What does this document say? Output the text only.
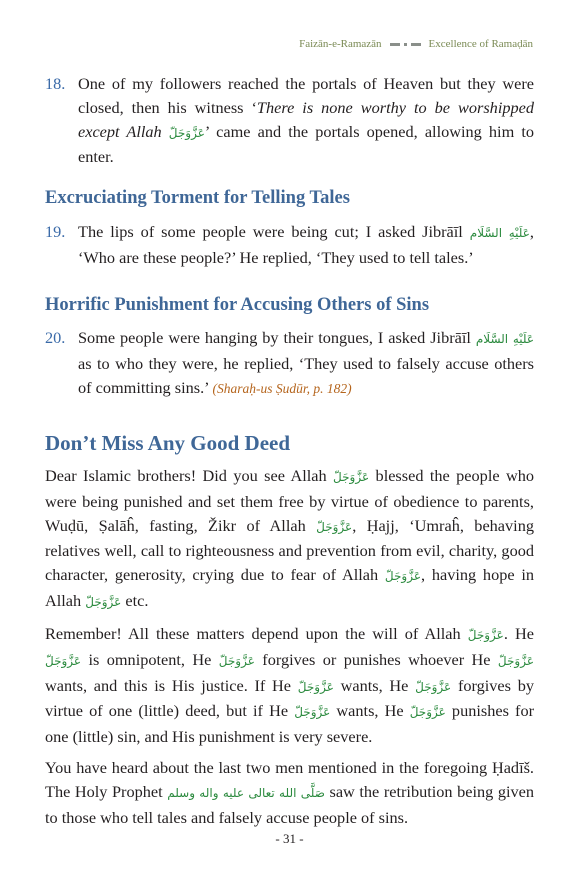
Faizān-e-Ramazān	Excellence of Ramaḍān
18. One of my followers reached the portals of Heaven but they were closed, then his witness ‘There is none worthy to be worshipped except Allah عَزَّوَجَلّ’ came and the portals opened, allowing him to enter.
Excruciating Torment for Telling Tales
19. The lips of some people were being cut; I asked Jibrāīl عَلَيْهِ السَّلَام, ‘Who are these people?’ He replied, ‘They used to tell tales.’
Horrific Punishment for Accusing Others of Sins
20. Some people were hanging by their tongues, I asked Jibrāīl عَلَيْهِ السَّلَام as to who they were, he replied, ‘They used to falsely accuse others of committing sins.’ (Sharaḥ-us Ṣudūr, p. 182)
Don’t Miss Any Good Deed
Dear Islamic brothers! Did you see Allah عَزَّوَجَلّ blessed the people who were being punished and set them free by virtue of obedience to parents, Wuḍū, Ṣalāĥ, fasting, Žikr of Allah عَزَّوَجَلّ, Ḥajj, ‘Umraĥ, behaving relatives well, call to righteousness and prevention from evil, charity, good character, generosity, crying due to fear of Allah عَزَّوَجَلّ, having hope in Allah عَزَّوَجَلّ etc.
Remember! All these matters depend upon the will of Allah عَزَّوَجَلّ. He عَزَّوَجَلّ is omnipotent, He عَزَّوَجَلّ forgives or punishes whoever He عَزَّوَجَلّ wants, and this is His justice. If He عَزَّوَجَلّ wants, He عَزَّوَجَلّ forgives by virtue of one (little) deed, but if He عَزَّوَجَلّ wants, He عَزَّوَجَلّ punishes for one (little) sin, and His punishment is very severe.
You have heard about the last two men mentioned in the foregoing Ḥadīš. The Holy Prophet صَلَّى الله تعالی عليه واله وسلم saw the retribution being given to those who tell tales and falsely accuse people of sins.
- 31 -
